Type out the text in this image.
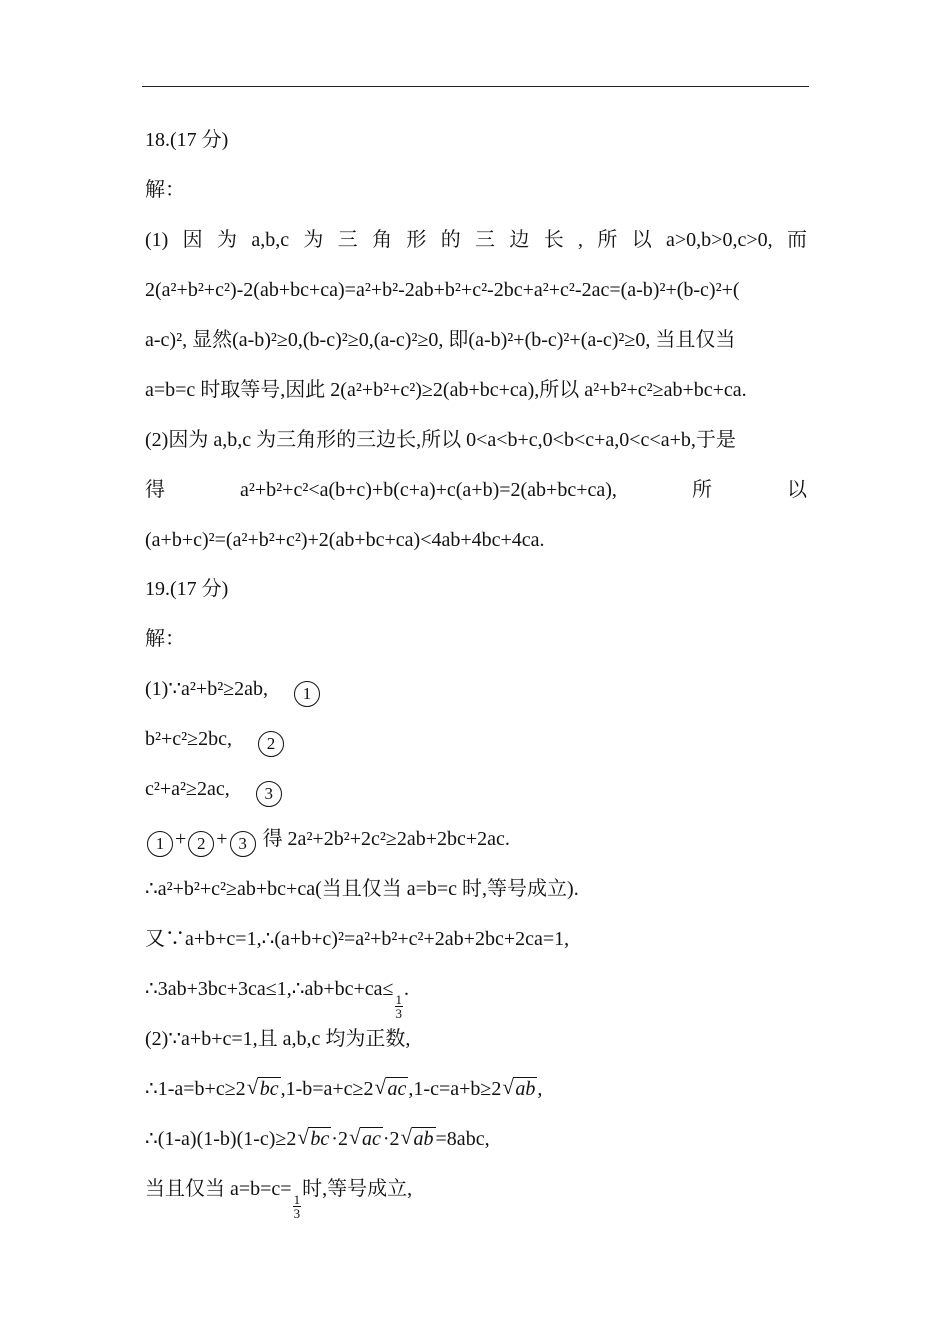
18.(17 分)
解：
(1) 因 为 a,b,c 为 三 角 形 的 三 边 长 , 所 以 a>0,b>0,c>0, 而
2(a²+b²+c²)-2(ab+bc+ca)=a²+b²-2ab+b²+c²-2bc+a²+c²-2ac=(a-b)²+(b-c)²+(
a-c)², 显然(a-b)²≥0,(b-c)²≥0,(a-c)²≥0, 即(a-b)²+(b-c)²+(a-c)²≥0, 当且仅当
a=b=c 时取等号,因此 2(a²+b²+c²)≥2(ab+bc+ca),所以 a²+b²+c²≥ab+bc+ca.
(2)因为 a,b,c 为三角形的三边长,所以 0<a<b+c,0<b<c+a,0<c<a+b,于是
得	a²+b²+c²<a(b+c)+b(c+a)+c(a+b)=2(ab+bc+ca),	所	以
(a+b+c)²=(a²+b²+c²)+2(ab+bc+ca)<4ab+4bc+4ca.
19.(17 分)
解：
(1)∵a²+b²≥2ab, 1
b²+c²≥2bc, 2
c²+a²≥2ac, 3
1 + 2 + 3 得 2a²+2b²+2c²≥2ab+2bc+2ac.
∴a²+b²+c²≥ab+bc+ca(当且仅当 a=b=c 时,等号成立).
又∵a+b+c=1,∴(a+b+c)²=a²+b²+c²+2ab+2bc+2ca=1,
∴3ab+3bc+3ca≤1,∴ab+bc+ca≤
$\frac{1}{3}$
.
(2)∵a+b+c=1,且 a,b,c 均为正数,
∴1-a=b+c≥2 √ bc ,1-b=a+c≥2 √ ac ,1-c=a+b≥2 √ ab ,
∴(1-a)(1-b)(1-c)≥2 √ bc ·2 √ ac ·2 √ ab =8abc,
当且仅当 a=b=c=
$\frac{1}{3}$
时,等号成立,
